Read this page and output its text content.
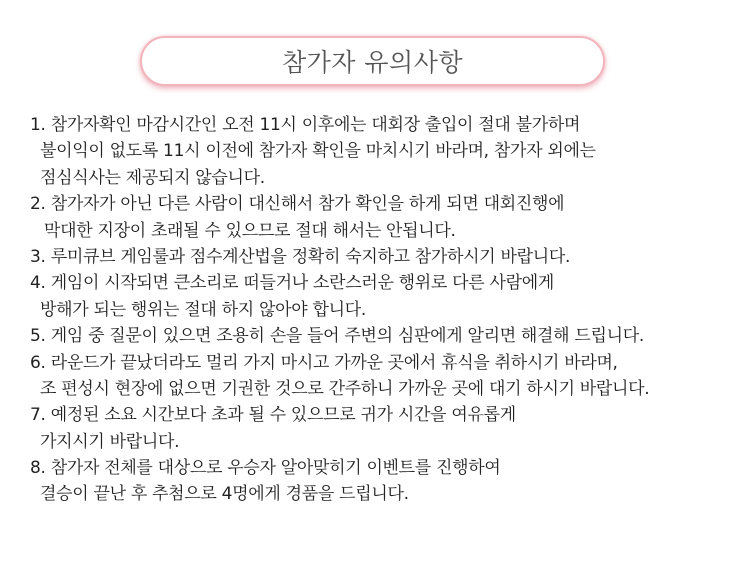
참가자 유의사항
1. 참가자확인 마감시간인 오전 11시 이후에는 대회장 출입이 절대 불가하며
불이익이 없도록 11시 이전에 참가자 확인을 마치시기 바라며, 참가자 외에는
점심식사는 제공되지 않습니다.
2. 참가자가 아닌 다른 사람이 대신해서 참가 확인을 하게 되면 대회진행에
막대한 지장이 초래될 수 있으므로 절대 해서는 안됩니다.
3. 루미큐브 게임룰과 점수계산법을 정확히 숙지하고 참가하시기 바랍니다.
4. 게임이 시작되면 큰소리로 떠들거나 소란스러운 행위로 다른 사람에게
방해가 되는 행위는 절대 하지 않아야 합니다.
5. 게임 중 질문이 있으면 조용히 손을 들어 주변의 심판에게 알리면 해결해 드립니다.
6. 라운드가 끝났더라도 멀리 가지 마시고 가까운 곳에서 휴식을 취하시기 바라며,
조 편성시 현장에 없으면 기권한 것으로 간주하니 가까운 곳에 대기 하시기 바랍니다.
7. 예정된 소요 시간보다 초과 될 수 있으므로 귀가 시간을 여유롭게
가지시기 바랍니다.
8. 참가자 전체를 대상으로 우승자 알아맞히기 이벤트를 진행하여
결승이 끝난 후 추첨으로 4명에게 경품을 드립니다.
